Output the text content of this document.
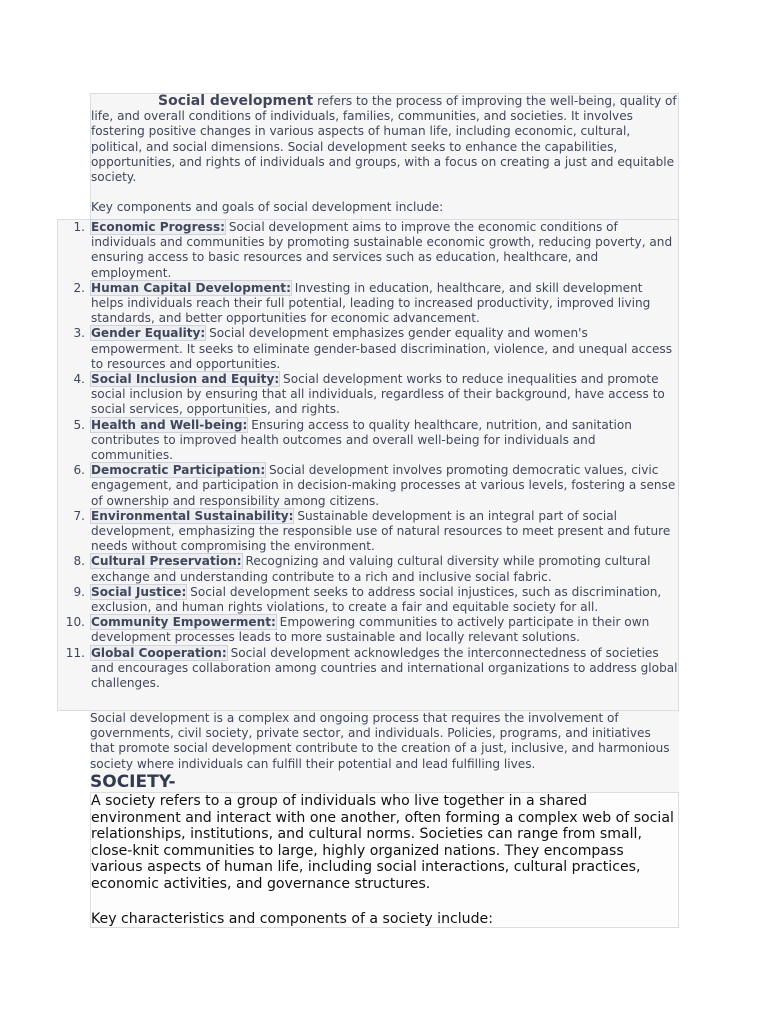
Social development refers to the process of improving the well-being, quality of life, and overall conditions of individuals, families, communities, and societies. It involves fostering positive changes in various aspects of human life, including economic, cultural, political, and social dimensions. Social development seeks to enhance the capabilities, opportunities, and rights of individuals and groups, with a focus on creating a just and equitable society.

Key components and goals of social development include:

1. Economic Progress: Social development aims to improve the economic conditions of individuals and communities by promoting sustainable economic growth, reducing poverty, and ensuring access to basic resources and services such as education, healthcare, and employment.
2. Human Capital Development: Investing in education, healthcare, and skill development helps individuals reach their full potential, leading to increased productivity, improved living standards, and better opportunities for economic advancement.
3. Gender Equality: Social development emphasizes gender equality and women's empowerment. It seeks to eliminate gender-based discrimination, violence, and unequal access to resources and opportunities.
4. Social Inclusion and Equity: Social development works to reduce inequalities and promote social inclusion by ensuring that all individuals, regardless of their background, have access to social services, opportunities, and rights.
5. Health and Well-being: Ensuring access to quality healthcare, nutrition, and sanitation contributes to improved health outcomes and overall well-being for individuals and communities.
6. Democratic Participation: Social development involves promoting democratic values, civic engagement, and participation in decision-making processes at various levels, fostering a sense of ownership and responsibility among citizens.
7. Environmental Sustainability: Sustainable development is an integral part of social development, emphasizing the responsible use of natural resources to meet present and future needs without compromising the environment.
8. Cultural Preservation: Recognizing and valuing cultural diversity while promoting cultural exchange and understanding contribute to a rich and inclusive social fabric.
9. Social Justice: Social development seeks to address social injustices, such as discrimination, exclusion, and human rights violations, to create a fair and equitable society for all.
10. Community Empowerment: Empowering communities to actively participate in their own development processes leads to more sustainable and locally relevant solutions.
11. Global Cooperation: Social development acknowledges the interconnectedness of societies and encourages collaboration among countries and international organizations to address global challenges.
Social development is a complex and ongoing process that requires the involvement of governments, civil society, private sector, and individuals. Policies, programs, and initiatives that promote social development contribute to the creation of a just, inclusive, and harmonious society where individuals can fulfill their potential and lead fulfilling lives.
SOCIETY-

A society refers to a group of individuals who live together in a shared environment and interact with one another, often forming a complex web of social relationships, institutions, and cultural norms. Societies can range from small, close-knit communities to large, highly organized nations. They encompass various aspects of human life, including social interactions, cultural practices, economic activities, and governance structures.

Key characteristics and components of a society include:
